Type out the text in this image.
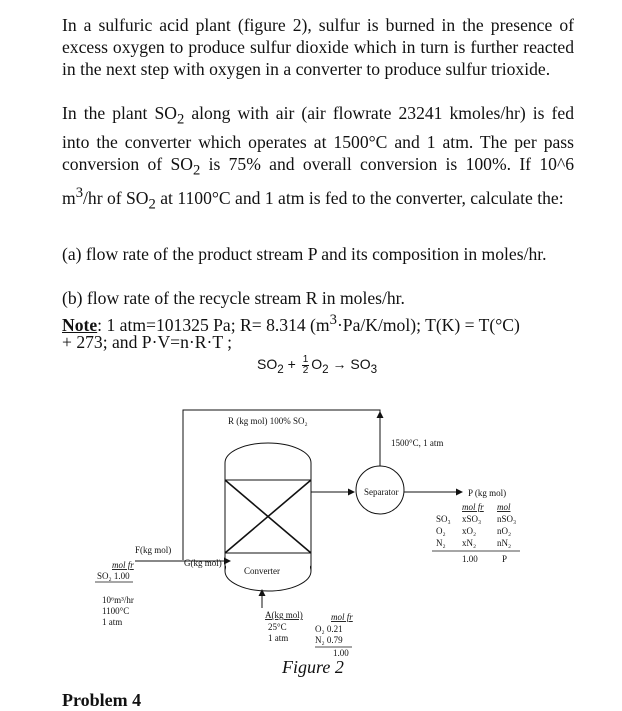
In a sulfuric acid plant (figure 2), sulfur is burned in the presence of excess oxygen to produce sulfur dioxide which in turn is further reacted in the next step with oxygen in a converter to produce sulfur trioxide.

In the plant $SO_2$ along with air (air flowrate 23241 kmoles/hr) is fed into the converter which operates at 1500°C and 1 atm. The per pass conversion of $SO_2$ is 75% and overall conversion is 100%. If 10^6 $m^3/hr$ of $SO_2$ at 1100°C and 1 atm is fed to the converter, calculate the:

(a) flow rate of the product stream P and its composition in moles/hr.

(b) flow rate of the recycle stream R in moles/hr.
Note: 1 atm=101325 Pa; R= 8.314 $(m^3\cdot Pa/K/mol)$; T(K) = T(°C)
+ 273; and P·V=n·R·T ;
$SO_2 + \frac{1}{2} O_2 \to SO_3$
R (kg mol) 100% SO₂
1500°C, 1 atm
Separator
Converter
P (kg mol)
mol fr mol
SO₃ xSO₃ nSO₃
O₂ xO₂ nO₂
N₂ xN₂ nN₂
1.00	P
F(kg mol)
mol fr
SO₂ 1.00
10⁶m³/hr
1100°C
1 atm
G(kg mol)
A(kg mol)
25°C
1 atm
mol fr
O₂ 0.21
N₂ 0.79
1.00
Figure 2
Problem 4
